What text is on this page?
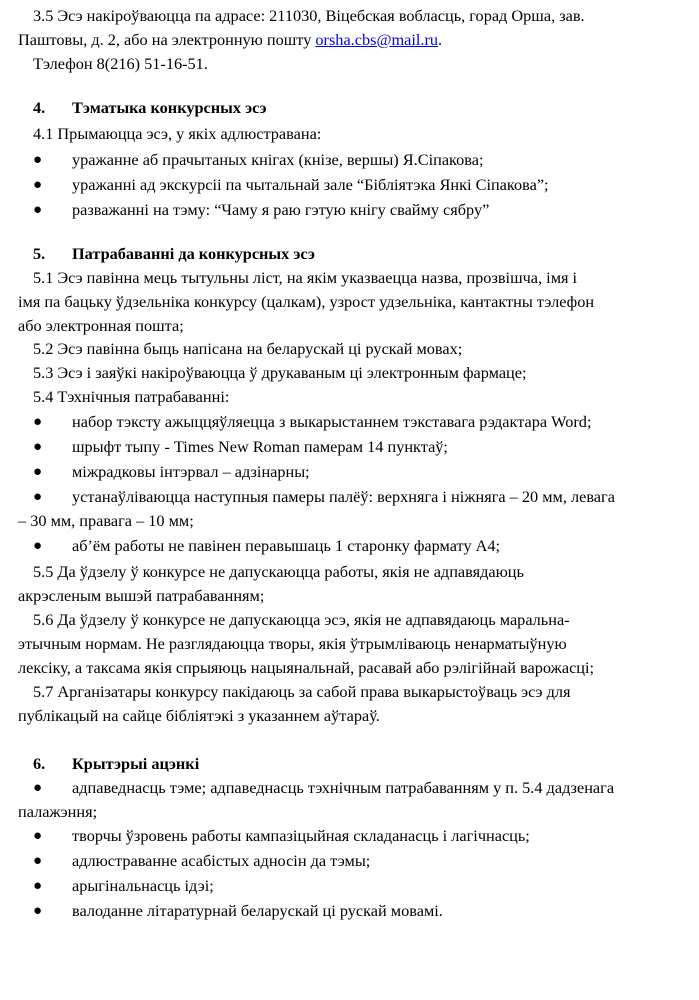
3.5 Эсэ накіроўваюцца па адрасе: 211030, Віцебская вобласць, горад Орша, зав.
Паштовы, д. 2, або на электронную пошту orsha.cbs@mail.ru.
Тэлефон 8(216) 51-16-51.
4. Тэматыка конкурсных эсэ
4.1 Прымаюцца эсэ, у якіх адлюстравана:
● уражанне аб прачытаных кнігах (кнізе, вершы) Я.Сіпакова;
● уражанні ад экскурсіі па чытальнай зале “Бібліятэка Янкі Сіпакова”;
● разважанні на тэму: “Чаму я раю гэтую кнігу свайму сябру”
5. Патрабаванні да конкурсных эсэ
5.1 Эсэ павінна мець тытульны ліст, на якім указваецца назва, прозвішча, імя і
імя па бацьку ўдзельніка конкурсу (цалкам), узрост удзельніка, кантактны тэлефон
або электронная пошта;
5.2 Эсэ павінна быць напісана на беларускай ці рускай мовах;
5.3 Эсэ і заяўкі накіроўваюцца ў друкаваным ці электронным фармаце;
5.4 Тэхнічныя патрабаванні:
● набор тэксту ажыццяўляецца з выкарыстаннем тэкставага рэдактара Word;
● шрыфт тыпу - Times New Roman памерам 14 пунктаў;
● міжрадковы інтэрвал – адзінарны;
● устанаўліваюцца наступныя памеры палёў: верхняга і ніжняга – 20 мм, левага
– 30 мм, правага – 10 мм;
● аб’ём работы не павінен перавышаць 1 старонку фармату А4;
5.5 Да ўдзелу ў конкурсе не дапускаюцца работы, якія не адпавядаюць
акрэсленым вышэй патрабаванням;
5.6 Да ўдзелу ў конкурсе не дапускаюцца эсэ, якія не адпавядаюць маральна-
этычным нормам. Не разглядаюцца творы, якія ўтрымліваюць ненарматыўную
лексіку, а таксама якія спрыяюць нацыянальнай, расавай або рэлігійнай варожасці;
5.7 Арганізатары конкурсу пакідаюць за сабой права выкарыстоўваць эсэ для
публікацый на сайце бібліятэкі з указаннем аўтараў.
6. Крытэрыі ацэнкі
● адпаведнасць тэме; адпаведнасць тэхнічным патрабаванням у п. 5.4 дадзенага
палажэння;
● творчы ўзровень работы кампазіцыйная складанасць і лагічнасць;
● адлюстраванне асабістых адносін да тэмы;
● арыгінальнасць ідэі;
● валоданне літаратурнай беларускай ці рускай мовамі.
